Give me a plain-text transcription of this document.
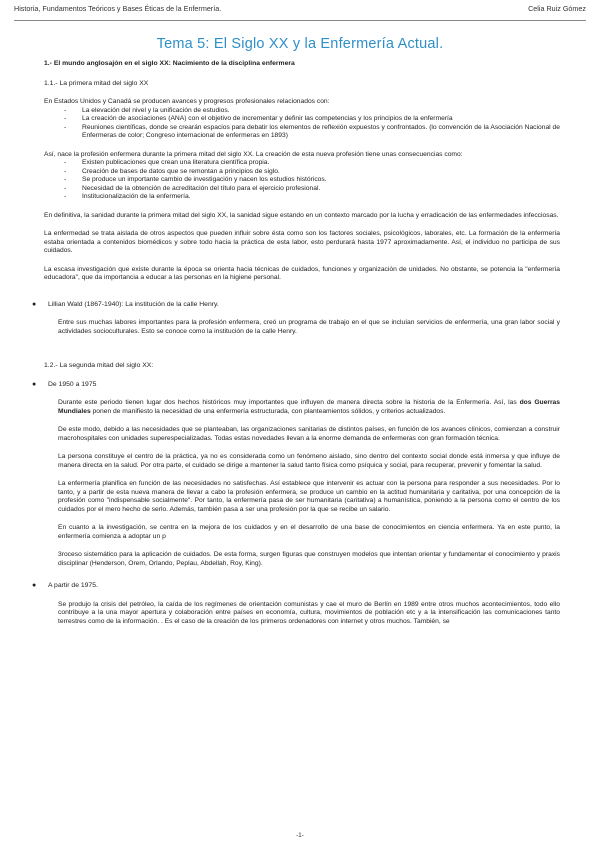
Historia, Fundamentos Teóricos y Bases Éticas de la Enfermería.	Celia Ruiz Gómez
Tema 5: El Siglo XX y la Enfermería Actual.

1.- El mundo anglosajón en el siglo XX: Nacimiento de la disciplina enfermera

1.1.- La primera mitad del siglo XX

En Estados Unidos y Canadá se producen avances y progresos profesionales relacionados con:

- La elevación del nivel y la unificación de estudios.
- La creación de asociaciones (ANA) con el objetivo de incrementar y definir las competencias y los principios de la enfermería
- Reuniones científicas, donde se crearán espacios para debatir los elementos de reflexión expuestos y confrontados. (lo convención de la Asociación Nacional de Enfermeras de color; Congreso internacional de enfermeras en 1893)

Así, nace la profesión enfermera durante la primera mitad del siglo XX. La creación de esta nueva profesión tiene unas consecuencias como:

- Existen publicaciones que crean una literatura científica propia.
- Creación de bases de datos que se remontan a principios de siglo.
- Se produce un importante cambio de investigación y nacen los estudios históricos.
- Necesidad de la obtención de acreditación del título para el ejercicio profesional.
- Institucionalización de la enfermería.

En definitiva, la sanidad durante la primera mitad del siglo XX, la sanidad sigue estando en un contexto marcado por la lucha y erradicación de las enfermedades infecciosas.

La enfermedad se trata aislada de otros aspectos que pueden influir sobre ésta como son los factores sociales, psicológicos, laborales, etc. La formación de la enfermería estaba orientada a contenidos biomédicos y sobre todo hacia la práctica de esta labor, esto perdurará hasta 1977 aproximadamente. Así, el individuo no participa de sus cuidados.

La escasa investigación que existe durante la época se orienta hacia técnicas de cuidados, funciones y organización de unidades. No obstante, se potencia la "enfermería educadora", que da importancia a educar a las personas en la higiene personal.

●	Lillian Wald (1867-1940): La institución de la calle Henry.

Entre sus muchas labores importantes para la profesión enfermera, creó un programa de trabajo en el que se incluían servicios de enfermería, una gran labor social y actividades socioculturales. Esto se conoce como la institución de la calle Henry.

1.2.- La segunda mitad del siglo XX:

●	De 1950 a 1975

Durante este periodo tienen lugar dos hechos históricos muy importantes que influyen de manera directa sobre la historia de la Enfermería. Así, las dos Guerras Mundiales ponen de manifiesto la necesidad de una enfermería estructurada, con planteamientos sólidos, y criterios actualizados.

De este modo, debido a las necesidades que se planteaban, las organizaciones sanitarias de distintos países, en función de los avances clínicos, comienzan a construir macrohospitales con unidades superespecializadas. Todas estas novedades llevan a la enorme demanda de enfermeras con gran formación técnica.

La persona constituye el centro de la práctica, ya no es considerada como un fenómeno aislado, sino dentro del contexto social donde está inmersa y que influye de manera directa en la salud. Por otra parte, el cuidado se dirige a mantener la salud tanto física como psíquica y social, para recuperar, prevenir y fomentar la salud.

La enfermería planifica en función de las necesidades no satisfechas. Así establece que intervenir es actuar con la persona para responder a sus necesidades. Por lo tanto, y a partir de esta nueva manera de llevar a cabo la profesión enfermera, se produce un cambio en la actitud humanitaria y caritativa, por una concepción de la profesión como "indispensable socialmente". Por tanto, la enfermería pasa de ser humanitaria (caritativa) a humanística, poniendo a la persona como el centro de los cuidados por el mero hecho de serlo. Además, también pasa a ser una profesión por la que se recibe un salario.

En cuanto a la investigación, se centra en la mejora de los cuidados y en el desarrollo de una base de conocimientos en ciencia enfermera. Ya en este punto, la enfermería comienza a adoptar un p

3roceso sistemático para la aplicación de cuidados. De esta forma, surgen figuras que construyen modelos que intentan orientar y fundamentar el conocimiento y praxis disciplinar (Henderson, Orem, Orlando, Peplau, Abdellah, Roy, King).

●	A partir de 1975.

Se produjo la crisis del petróleo, la caída de los regímenes de orientación comunistas y cae el muro de Berlín en 1989 entre otros muchos acontecimientos, todo ello contribuye a la una mayor apertura y colaboración entre países en economía, cultura, movimientos de población etc y a la intensificación las comunicaciones tanto terrestres como de la información. . Es el caso de la creación de los primeros ordenadores con internet y otros muchos. También, se

-1-
